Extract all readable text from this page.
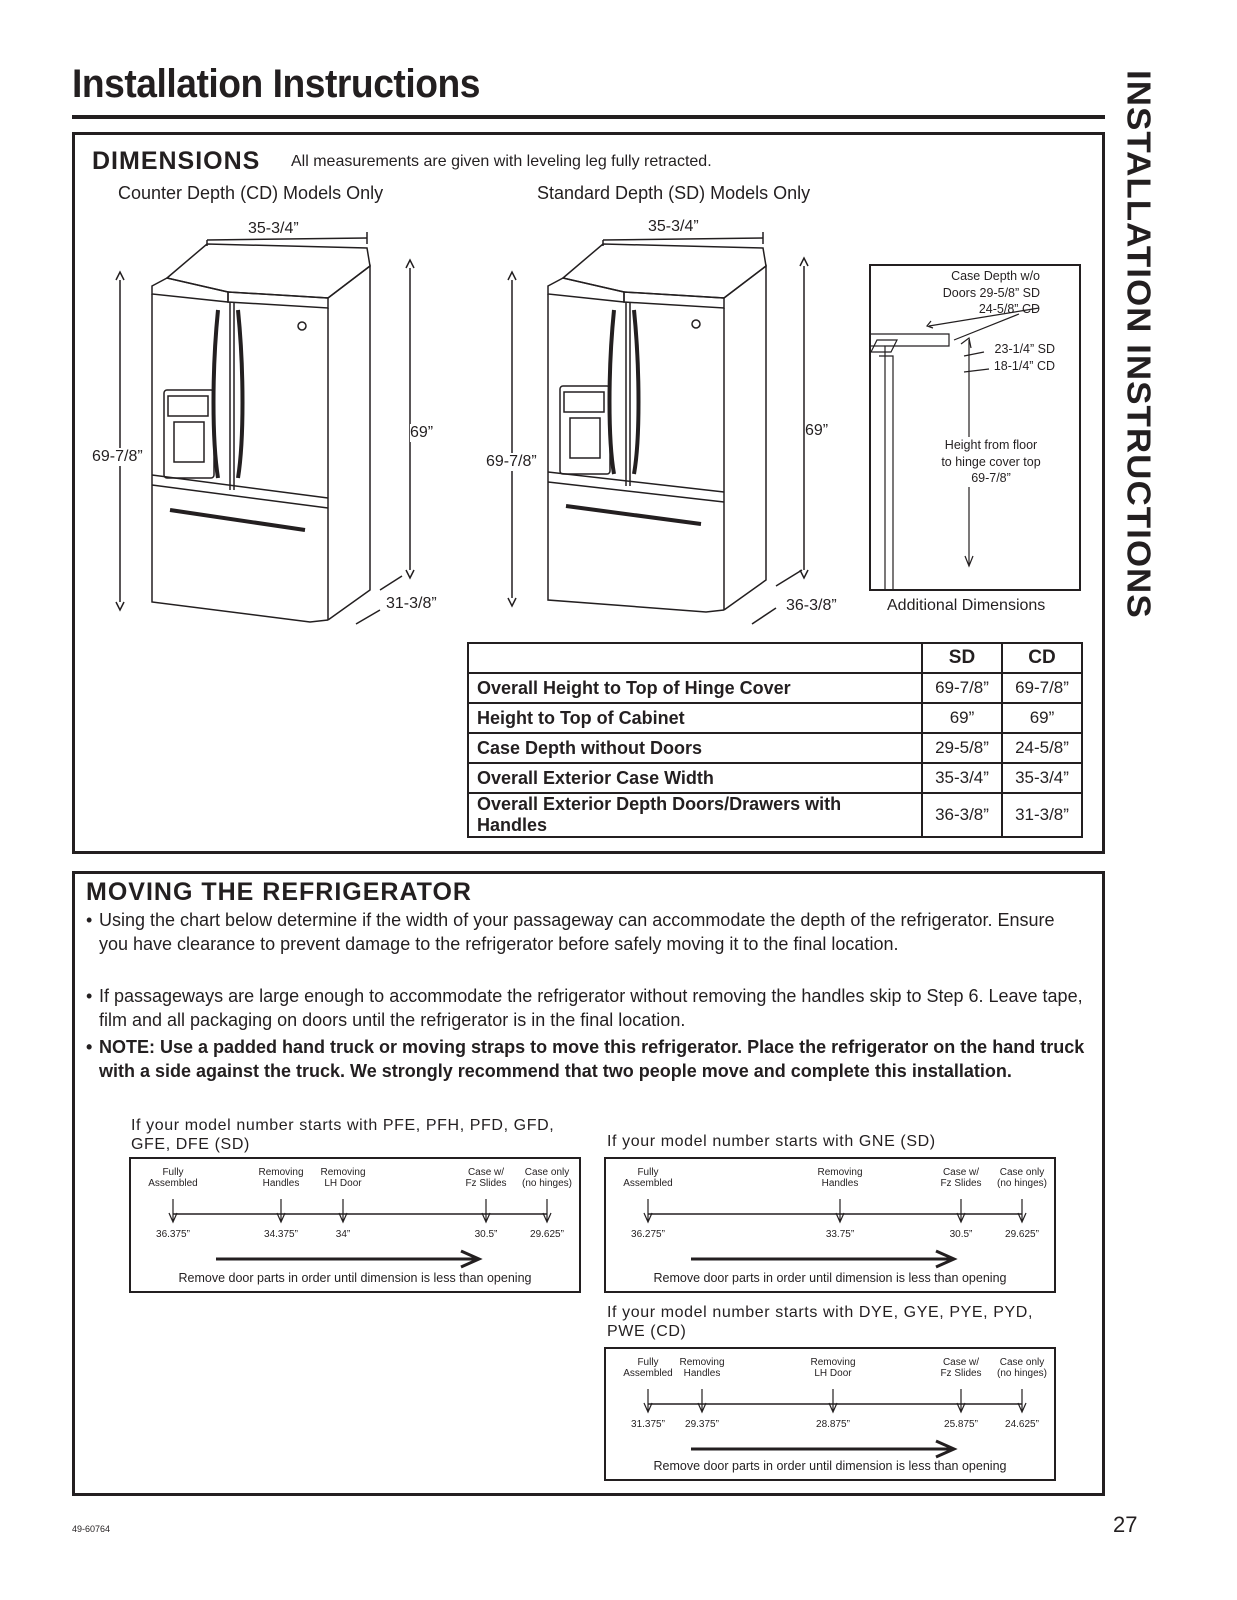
Installation Instructions	INSTALLATION INSTRUCTIONS
DIMENSIONS All measurements are given with leveling leg fully retracted.
Counter Depth (CD) Models Only	Standard Depth (SD) Models Only
35-3/4”
69-7/8”
69”
31-3/8”
35-3/4”
69-7/8”
69”
36-3/8”
Case Depth w/o
Doors 29-5/8” SD
24-5/8” CD
23-1/4” SD
18-1/4” CD
Height from floor
to hinge cover top
69-7/8”
Additional Dimensions
	SD	CD
Overall Height to Top of Hinge Cover	69-7/8”	69-7/8”
Height to Top of Cabinet	69”	69”
Case Depth without Doors	29-5/8”	24-5/8”
Overall Exterior Case Width	35-3/4”	35-3/4”
Overall Exterior Depth Doors/Drawers with Handles	36-3/8”	31-3/8”
MOVING THE REFRIGERATOR
• Using the chart below determine if the width of your passageway can accommodate the depth of the refrigerator. Ensure you have clearance to prevent damage to the refrigerator before safely moving it to the final location.
• If passageways are large enough to accommodate the refrigerator without removing the handles skip to Step 6. Leave tape, film and all packaging on doors until the refrigerator is in the final location.
• NOTE: Use a padded hand truck or moving straps to move this refrigerator. Place the refrigerator on the hand truck with a side against the truck. We strongly recommend that two people move and complete this installation.
If your model number starts with PFE, PFH, PFD, GFD, GFE, DFE (SD)
Fully
Assembled
36.375”
Removing
Handles
34.375”
Removing
LH Door
34”
Case w/
Fz Slides
30.5”
Case only
(no hinges)
29.625”
Remove door parts in order until dimension is less than opening
If your model number starts with GNE (SD)
Fully
Assembled
36.275”
Removing
Handles
33.75”
Case w/
Fz Slides
30.5”
Case only
(no hinges)
29.625”
Remove door parts in order until dimension is less than opening
If your model number starts with DYE, GYE, PYE, PYD, PWE (CD)
Fully
Assembled
31.375”
Removing
Handles
29.375”
Removing
LH Door
28.875”
Case w/
Fz Slides
25.875”
Case only
(no hinges)
24.625”
Remove door parts in order until dimension is less than opening
49-60764	27
